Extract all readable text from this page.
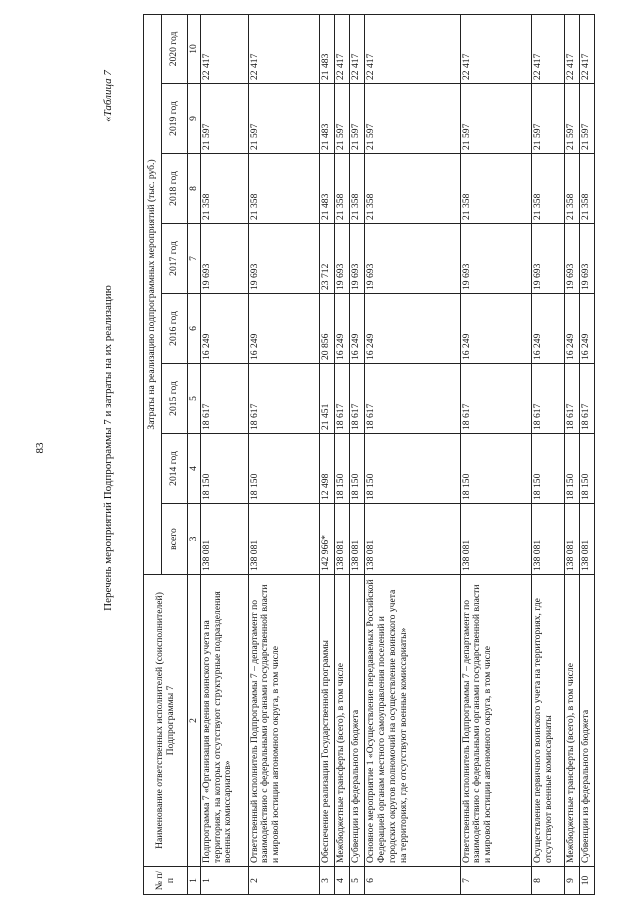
83	Перечень мероприятий Подпрограммы 7 и затраты на их реализацию
«Таблица 7
№ п/п	Наименование ответственных исполнителей (соисполнителей) Подпрограммы 7	Затраты на реализацию подпрограммных мероприятий (тыс. руб.)							
		всего	2014 год	2015 год	2016 год	2017 год	2018 год	2019 год	2020 год
1	2	3	4	5	6	7	8	9	10
1	Подпрограмма 7 «Организация ведения воинского учета на территориях, на которых отсутствуют структурные подразделения военных комиссариатов»	138 081	18 150	18 617	16 249	19 693	21 358	21 597	22 417
2	Ответственный исполнитель Подпрограммы 7 – департамент по взаимодействию с федеральными органами государственной власти и мировой юстиции автономного округа, в том числе	138 081	18 150	18 617	16 249	19 693	21 358	21 597	22 417
3	Обеспечение реализации Государственной программы	142 966*	12 498	21 451	20 856	23 712	21 483	21 483	21 483
4	Межбюджетные трансферты (всего), в том числе	138 081	18 150	18 617	16 249	19 693	21 358	21 597	22 417
5	Субвенции из федерального бюджета	138 081	18 150	18 617	16 249	19 693	21 358	21 597	22 417
6	Основное мероприятие 1 «Осуществление передаваемых Российской Федерацией органам местного самоуправления поселений и городских округов полномочий на осуществление воинского учета на территориях, где отсутствуют военные комиссариаты»	138 081	18 150	18 617	16 249	19 693	21 358	21 597	22 417
7	Ответственный исполнитель Подпрограммы 7 – департамент по взаимодействию с федеральными органами государственной власти и мировой юстиции автономного округа, в том числе	138 081	18 150	18 617	16 249	19 693	21 358	21 597	22 417
8	Осуществление первичного воинского учета на территориях, где отсутствуют военные комиссариаты	138 081	18 150	18 617	16 249	19 693	21 358	21 597	22 417
9	Межбюджетные трансферты (всего), в том числе	138 081	18 150	18 617	16 249	19 693	21 358	21 597	22 417
10	Субвенции из федерального бюджета	138 081	18 150	18 617	16 249	19 693	21 358	21 597	22 417
